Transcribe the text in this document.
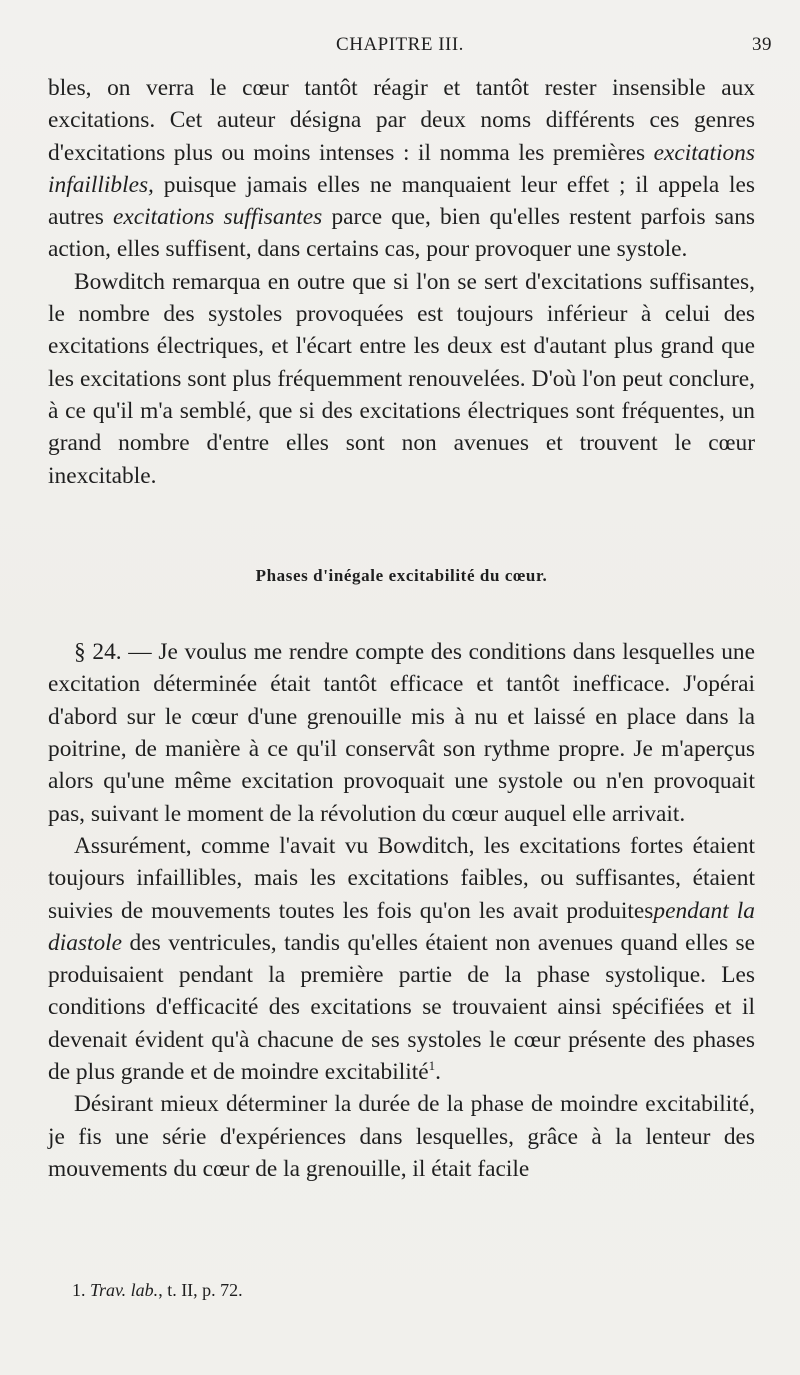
CHAPITRE III.	39

bles, on verra le cœur tantôt réagir et tantôt rester insensible aux excitations. Cet auteur désigna par deux noms différents ces genres d'excitations plus ou moins intenses : il nomma les premières excitations infaillibles, puisque jamais elles ne manquaient leur effet ; il appela les autres excitations suffisantes parce que, bien qu'elles restent parfois sans action, elles suffisent, dans certains cas, pour provoquer une systole.

Bowditch remarqua en outre que si l'on se sert d'excitations suffisantes, le nombre des systoles provoquées est toujours inférieur à celui des excitations électriques, et l'écart entre les deux est d'autant plus grand que les excitations sont plus fréquemment renouvelées. D'où l'on peut conclure, à ce qu'il m'a semblé, que si des excitations électriques sont fréquentes, un grand nombre d'entre elles sont non avenues et trouvent le cœur inexcitable.

Phases d'inégale excitabilité du cœur.

§ 24. — Je voulus me rendre compte des conditions dans lesquelles une excitation déterminée était tantôt efficace et tantôt inefficace. J'opérai d'abord sur le cœur d'une grenouille mis à nu et laissé en place dans la poitrine, de manière à ce qu'il conservât son rythme propre. Je m'aperçus alors qu'une même excitation provoquait une systole ou n'en provoquait pas, suivant le moment de la révolution du cœur auquel elle arrivait.

Assurément, comme l'avait vu Bowditch, les excitations fortes étaient toujours infaillibles, mais les excitations faibles, ou suffisantes, étaient suivies de mouvements toutes les fois qu'on les avait produitespendant la diastole des ventricules, tandis qu'elles étaient non avenues quand elles se produisaient pendant la première partie de la phase systolique. Les conditions d'efficacité des excitations se trouvaient ainsi spécifiées et il devenait évident qu'à chacune de ses systoles le cœur présente des phases de plus grande et de moindre excitabilité$^1$.

Désirant mieux déterminer la durée de la phase de moindre excitabilité, je fis une série d'expériences dans lesquelles, grâce à la lenteur des mouvements du cœur de la grenouille, il était facile

1. Trav. lab., t. II, p. 72.
